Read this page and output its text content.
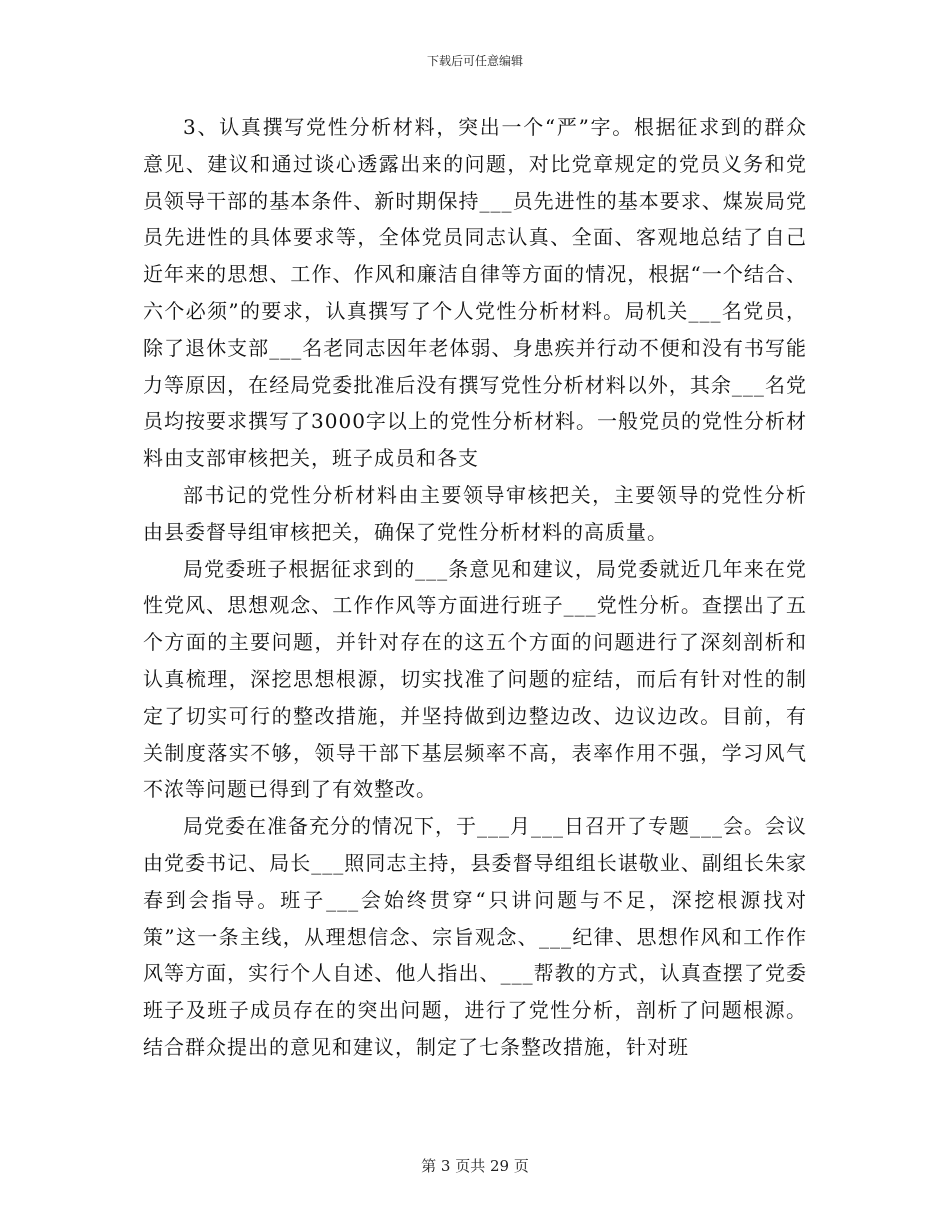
下载后可任意编辑

3、认真撰写党性分析材料，突出一个“严”字。根据征求到的群众意见、建议和通过谈心透露出来的问题，对比党章规定的党员义务和党员领导干部的基本条件、新时期保持___员先进性的基本要求、煤炭局党员先进性的具体要求等，全体党员同志认真、全面、客观地总结了自己近年来的思想、工作、作风和廉洁自律等方面的情况，根据“一个结合、六个必须”的要求，认真撰写了个人党性分析材料。局机关___名党员，除了退休支部___名老同志因年老体弱、身患疾并行动不便和没有书写能力等原因，在经局党委批准后没有撰写党性分析材料以外，其余___名党员均按要求撰写了3000字以上的党性分析材料。一般党员的党性分析材料由支部审核把关，班子成员和各支

部书记的党性分析材料由主要领导审核把关，主要领导的党性分析由县委督导组审核把关，确保了党性分析材料的高质量。

局党委班子根据征求到的___条意见和建议，局党委就近几年来在党性党风、思想观念、工作作风等方面进行班子___党性分析。查摆出了五个方面的主要问题，并针对存在的这五个方面的问题进行了深刻剖析和认真梳理，深挖思想根源，切实找准了问题的症结，而后有针对性的制定了切实可行的整改措施，并坚持做到边整边改、边议边改。目前，有关制度落实不够，领导干部下基层频率不高，表率作用不强，学习风气不浓等问题已得到了有效整改。

局党委在准备充分的情况下，于___月___日召开了专题___会。会议由党委书记、局长___照同志主持，县委督导组组长谌敬业、副组长朱家春到会指导。班子___会始终贯穿“只讲问题与不足，深挖根源找对策”这一条主线，从理想信念、宗旨观念、___纪律、思想作风和工作作风等方面，实行个人自述、他人指出、___帮教的方式，认真查摆了党委班子及班子成员存在的突出问题，进行了党性分析，剖析了问题根源。结合群众提出的意见和建议，制定了七条整改措施，针对班

第 3 页共 29 页
